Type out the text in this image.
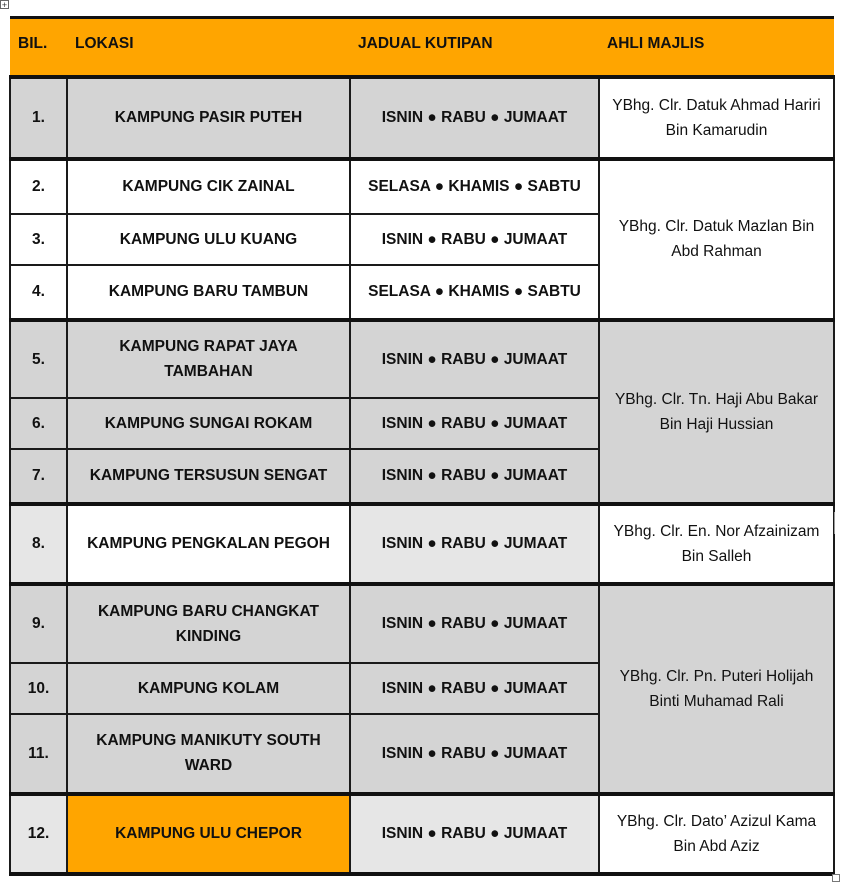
+
BIL.	LOKASI	JADUAL KUTIPAN	AHLI MAJLIS
1.	KAMPUNG PASIR PUTEH	ISNIN ● RABU ● JUMAAT	YBhg. Clr. Datuk Ahmad Hariri Bin Kamarudin
2.	KAMPUNG CIK ZAINAL	SELASA ● KHAMIS ● SABTU	YBhg. Clr. Datuk Mazlan Bin Abd Rahman
3.	KAMPUNG ULU KUANG	ISNIN ● RABU ● JUMAAT	
4.	KAMPUNG BARU TAMBUN	SELASA ● KHAMIS ● SABTU	
5.	KAMPUNG RAPAT JAYA TAMBAHAN	ISNIN ● RABU ● JUMAAT	YBhg. Clr. Tn. Haji Abu Bakar Bin Haji Hussian
6.	KAMPUNG SUNGAI ROKAM	ISNIN ● RABU ● JUMAAT	
7.	KAMPUNG TERSUSUN SENGAT	ISNIN ● RABU ● JUMAAT	
8.	KAMPUNG PENGKALAN PEGOH	ISNIN ● RABU ● JUMAAT	YBhg. Clr. En. Nor Afzainizam Bin Salleh
9.	KAMPUNG BARU CHANGKAT KINDING	ISNIN ● RABU ● JUMAAT	YBhg. Clr. Pn. Puteri Holijah Binti Muhamad Rali
10.	KAMPUNG KOLAM	ISNIN ● RABU ● JUMAAT	
11.	KAMPUNG MANIKUTY SOUTH WARD	ISNIN ● RABU ● JUMAAT	
12.	KAMPUNG ULU CHEPOR	ISNIN ● RABU ● JUMAAT	YBhg. Clr. Dato’ Azizul Kama Bin Abd Aziz
